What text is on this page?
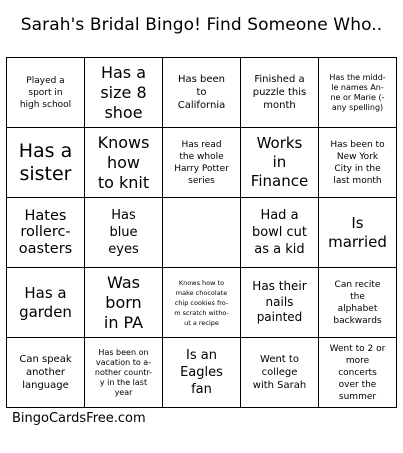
Sarah's Bridal Bingo! Find Someone Who..
Played a
sport in
high school
Has a
size 8
shoe
Has been
to
California
Finished a
puzzle this
month
Has the midd-
le names An-
ne or Marie (-
any spelling)
Has a
sister
Knows
how
to knit
Has read
the whole
Harry Potter
series
Works
in
Finance
Has been to
New York
City in the
last month
Hates
rollerc-
oasters
Has
blue
eyes
Had a
bowl cut
as a kid
Is
married
Has a
garden
Was
born
in PA
Knows how to
make chocolate
chip cookies fro-
m scratch witho-
ut a recipe
Has their
nails
painted
Can recite
the
alphabet
backwards
Can speak
another
language
Has been on
vacation to a-
nother countr-
y in the last
year
Is an
Eagles
fan
Went to
college
with Sarah
Went to 2 or
more
concerts
over the
summer
BingoCardsFree.com
